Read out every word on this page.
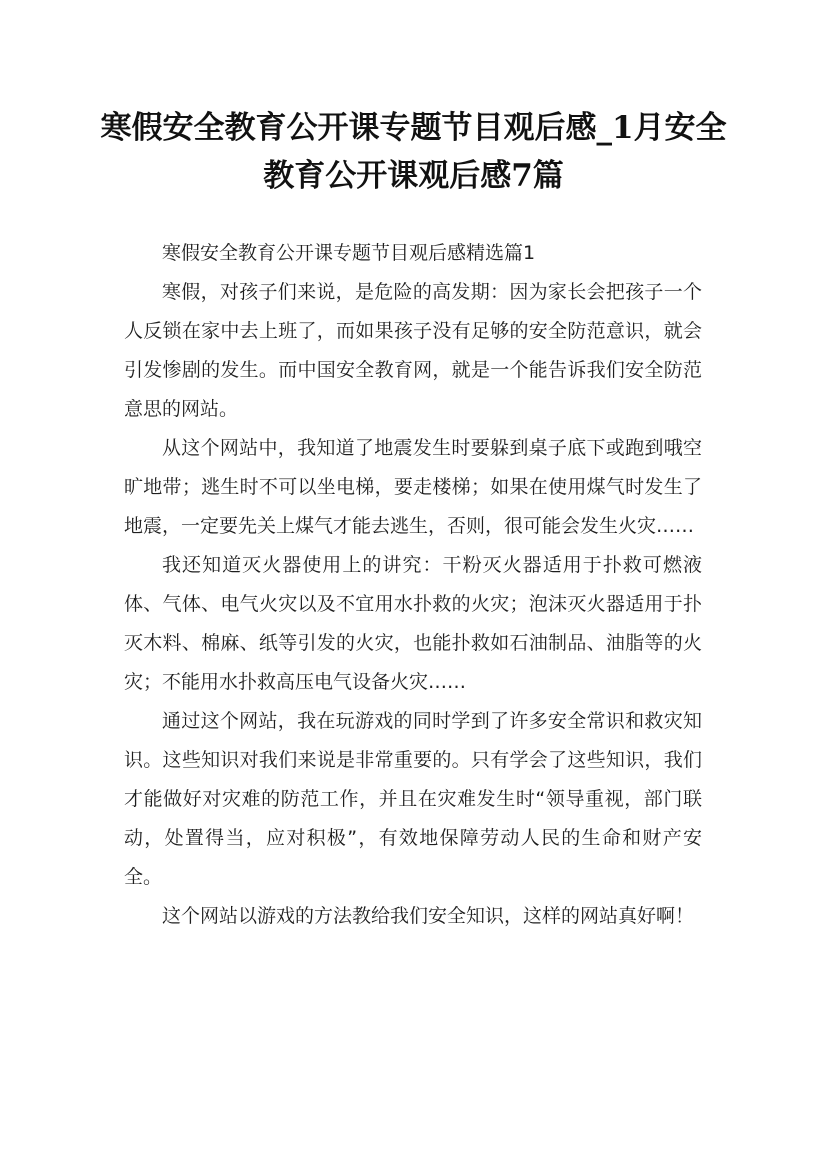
寒假安全教育公开课专题节目观后感_1月安全教育公开课观后感7篇

寒假安全教育公开课专题节目观后感精选篇1

寒假，对孩子们来说，是危险的高发期：因为家长会把孩子一个人反锁在家中去上班了，而如果孩子没有足够的安全防范意识，就会引发惨剧的发生。而中国安全教育网，就是一个能告诉我们安全防范意思的网站。

从这个网站中，我知道了地震发生时要躲到桌子底下或跑到哦空旷地带；逃生时不可以坐电梯，要走楼梯；如果在使用煤气时发生了地震，一定要先关上煤气才能去逃生，否则，很可能会发生火灾……

我还知道灭火器使用上的讲究：干粉灭火器适用于扑救可燃液体、气体、电气火灾以及不宜用水扑救的火灾；泡沫灭火器适用于扑灭木料、棉麻、纸等引发的火灾，也能扑救如石油制品、油脂等的火灾；不能用水扑救高压电气设备火灾……

通过这个网站，我在玩游戏的同时学到了许多安全常识和救灾知识。这些知识对我们来说是非常重要的。只有学会了这些知识，我们才能做好对灾难的防范工作，并且在灾难发生时“领导重视，部门联动，处置得当，应对积极”，有效地保障劳动人民的生命和财产安全。

这个网站以游戏的方法教给我们安全知识，这样的网站真好啊！
